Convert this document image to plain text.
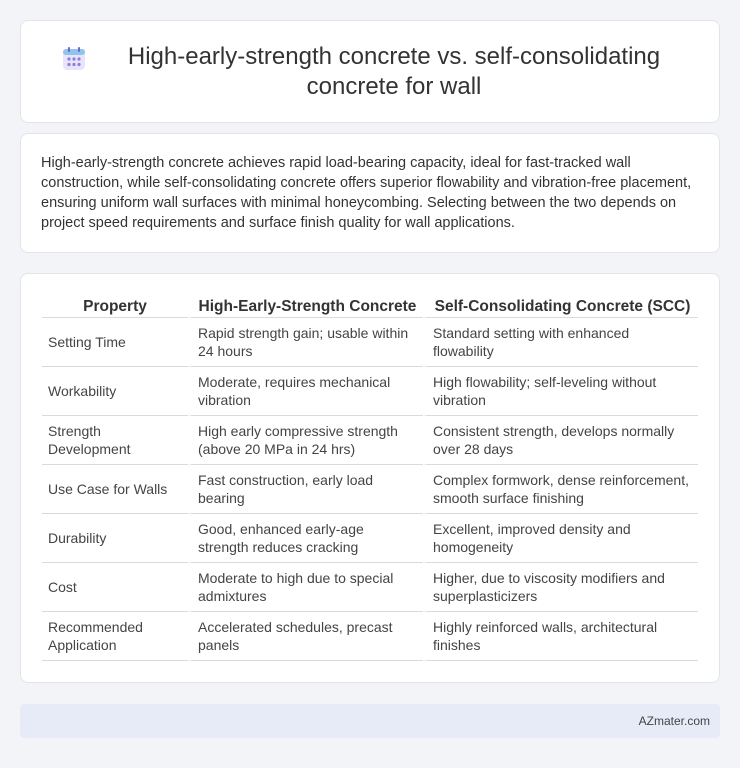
High-early-strength concrete vs. self-consolidating concrete for wall

High-early-strength concrete achieves rapid load-bearing capacity, ideal for fast-tracked wall construction, while self-consolidating concrete offers superior flowability and vibration-free placement, ensuring uniform wall surfaces with minimal honeycombing. Selecting between the two depends on project speed requirements and surface finish quality for wall applications.

Property	High-Early-Strength Concrete	Self-Consolidating Concrete (SCC)
Setting Time	Rapid strength gain; usable within 24 hours	Standard setting with enhanced flowability
Workability	Moderate, requires mechanical vibration	High flowability; self-leveling without vibration
Strength Development	High early compressive strength (above 20 MPa in 24 hrs)	Consistent strength, develops normally over 28 days
Use Case for Walls	Fast construction, early load bearing	Complex formwork, dense reinforcement, smooth surface finishing
Durability	Good, enhanced early-age strength reduces cracking	Excellent, improved density and homogeneity
Cost	Moderate to high due to special admixtures	Higher, due to viscosity modifiers and superplasticizers
Recommended Application	Accelerated schedules, precast panels	Highly reinforced walls, architectural finishes
AZmater.com
